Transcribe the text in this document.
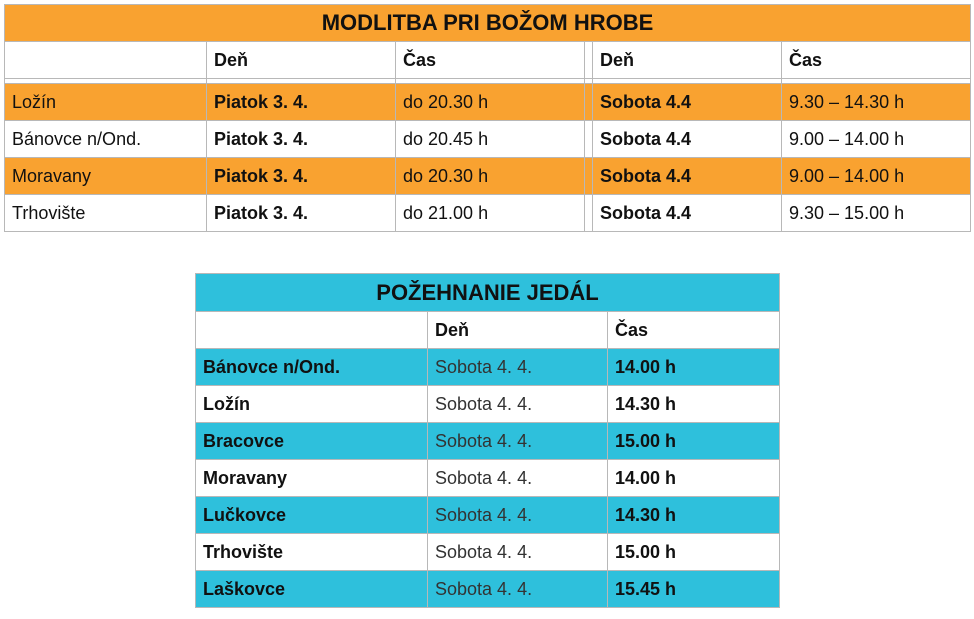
MODLITBA PRI BOŽOM HROBE					
	Deň	Čas		Deň	Čas

Ložín	Piatok 3. 4.	do 20.30 h		Sobota 4.4	9.30 – 14.30 h
Bánovce n/Ond.	Piatok 3. 4.	do 20.45 h		Sobota 4.4	9.00 – 14.00 h
Moravany	Piatok 3. 4.	do 20.30 h		Sobota 4.4	9.00 – 14.00 h
Trhovište	Piatok 3. 4.	do 21.00 h		Sobota 4.4	9.30 – 15.00 h
POŽEHNANIE JEDÁL		
	Deň	Čas
Bánovce n/Ond.	Sobota 4. 4.	14.00 h
Ložín	Sobota 4. 4.	14.30 h
Bracovce	Sobota 4. 4.	15.00 h
Moravany	Sobota 4. 4.	14.00 h
Lučkovce	Sobota 4. 4.	14.30 h
Trhovište	Sobota 4. 4.	15.00 h
Laškovce	Sobota 4. 4.	15.45 h
